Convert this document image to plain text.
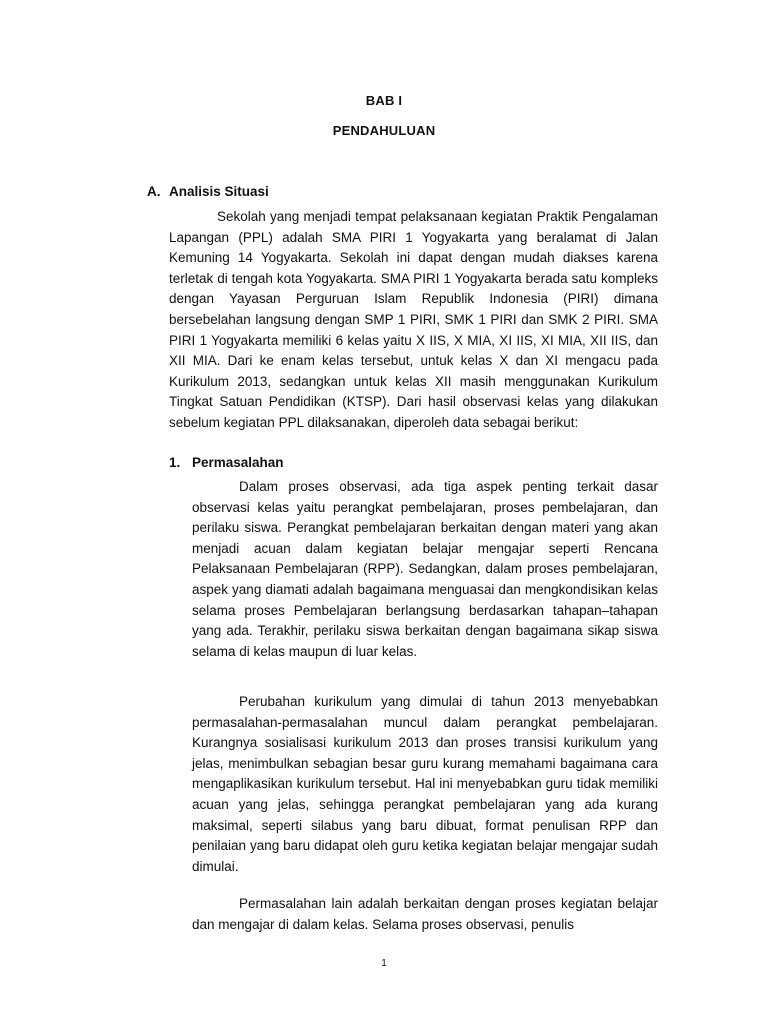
BAB I
PENDAHULUAN
A. Analisis Situasi
Sekolah yang menjadi tempat pelaksanaan kegiatan Praktik Pengalaman Lapangan (PPL) adalah SMA PIRI 1 Yogyakarta yang beralamat di Jalan Kemuning 14 Yogyakarta. Sekolah ini dapat dengan mudah diakses karena terletak di tengah kota Yogyakarta. SMA PIRI 1 Yogyakarta berada satu kompleks dengan Yayasan Perguruan Islam Republik Indonesia (PIRI) dimana bersebelahan langsung dengan SMP 1 PIRI, SMK 1 PIRI dan SMK 2 PIRI. SMA PIRI 1 Yogyakarta memiliki 6 kelas yaitu X IIS, X MIA, XI IIS, XI MIA, XII IIS, dan XII MIA. Dari ke enam kelas tersebut, untuk kelas X dan XI mengacu pada Kurikulum 2013, sedangkan untuk kelas XII masih menggunakan Kurikulum Tingkat Satuan Pendidikan (KTSP). Dari hasil observasi kelas yang dilakukan sebelum kegiatan PPL dilaksanakan, diperoleh data sebagai berikut:
1. Permasalahan
Dalam proses observasi, ada tiga aspek penting terkait dasar observasi kelas yaitu perangkat pembelajaran, proses pembelajaran, dan perilaku siswa. Perangkat pembelajaran berkaitan dengan materi yang akan menjadi acuan dalam kegiatan belajar mengajar seperti Rencana Pelaksanaan Pembelajaran (RPP). Sedangkan, dalam proses pembelajaran, aspek yang diamati adalah bagaimana menguasai dan mengkondisikan kelas selama proses Pembelajaran berlangsung berdasarkan tahapan–tahapan yang ada. Terakhir, perilaku siswa berkaitan dengan bagaimana sikap siswa selama di kelas maupun di luar kelas.
Perubahan kurikulum yang dimulai di tahun 2013 menyebabkan permasalahan-permasalahan muncul dalam perangkat pembelajaran. Kurangnya sosialisasi kurikulum 2013 dan proses transisi kurikulum yang jelas, menimbulkan sebagian besar guru kurang memahami bagaimana cara mengaplikasikan kurikulum tersebut. Hal ini menyebabkan guru tidak memiliki acuan yang jelas, sehingga perangkat pembelajaran yang ada kurang maksimal, seperti silabus yang baru dibuat, format penulisan RPP dan penilaian yang baru didapat oleh guru ketika kegiatan belajar mengajar sudah dimulai.
Permasalahan lain adalah berkaitan dengan proses kegiatan belajar dan mengajar di dalam kelas. Selama proses observasi, penulis
1
